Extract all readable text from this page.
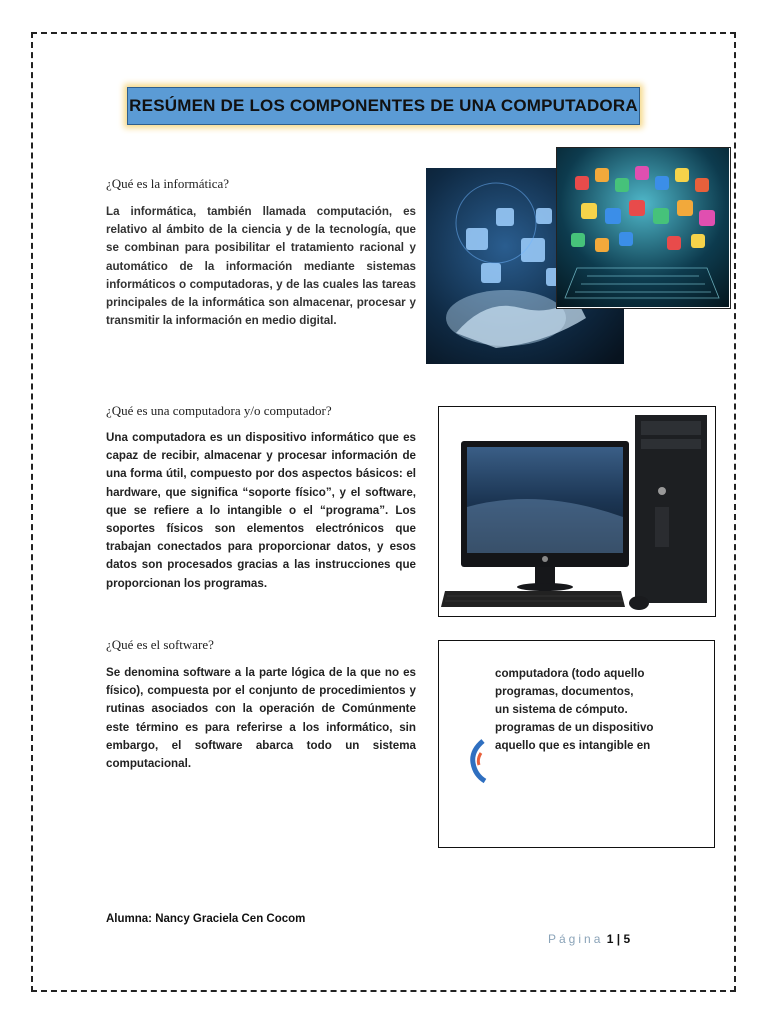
RESÚMEN DE LOS COMPONENTES DE UNA COMPUTADORA
¿Qué es la informática?
La informática, también llamada computación, es relativo al ámbito de la ciencia y de la tecnología, que se combinan para posibilitar el tratamiento racional y automático de la información mediante sistemas informáticos o computadoras, y de las cuales las tareas principales de la informática son almacenar, procesar y transmitir la información en medio digital.
¿Qué es una computadora y/o computador?
Una computadora es un dispositivo informático que es capaz de recibir, almacenar y procesar información de una forma útil, compuesto por dos aspectos básicos: el hardware, que significa “soporte físico”, y el software, que se refiere a lo intangible o el “programa”. Los soportes físicos son elementos electrónicos que trabajan conectados para proporcionar datos, y esos datos son procesados gracias a las instrucciones que proporcionan los programas.
¿Qué es el software?
Se denomina software a la parte lógica de la que no es físico), compuesta por el conjunto de procedimientos y rutinas asociados con la operación de Comúnmente este término es para referirse a los informático, sin embargo, el software abarca todo un sistema computacional.
computadora (todo aquello
programas, documentos,
un sistema de cómputo.
programas de un dispositivo
aquello que es intangible en
Alumna: Nancy Graciela Cen Cocom
Página 1 | 5
